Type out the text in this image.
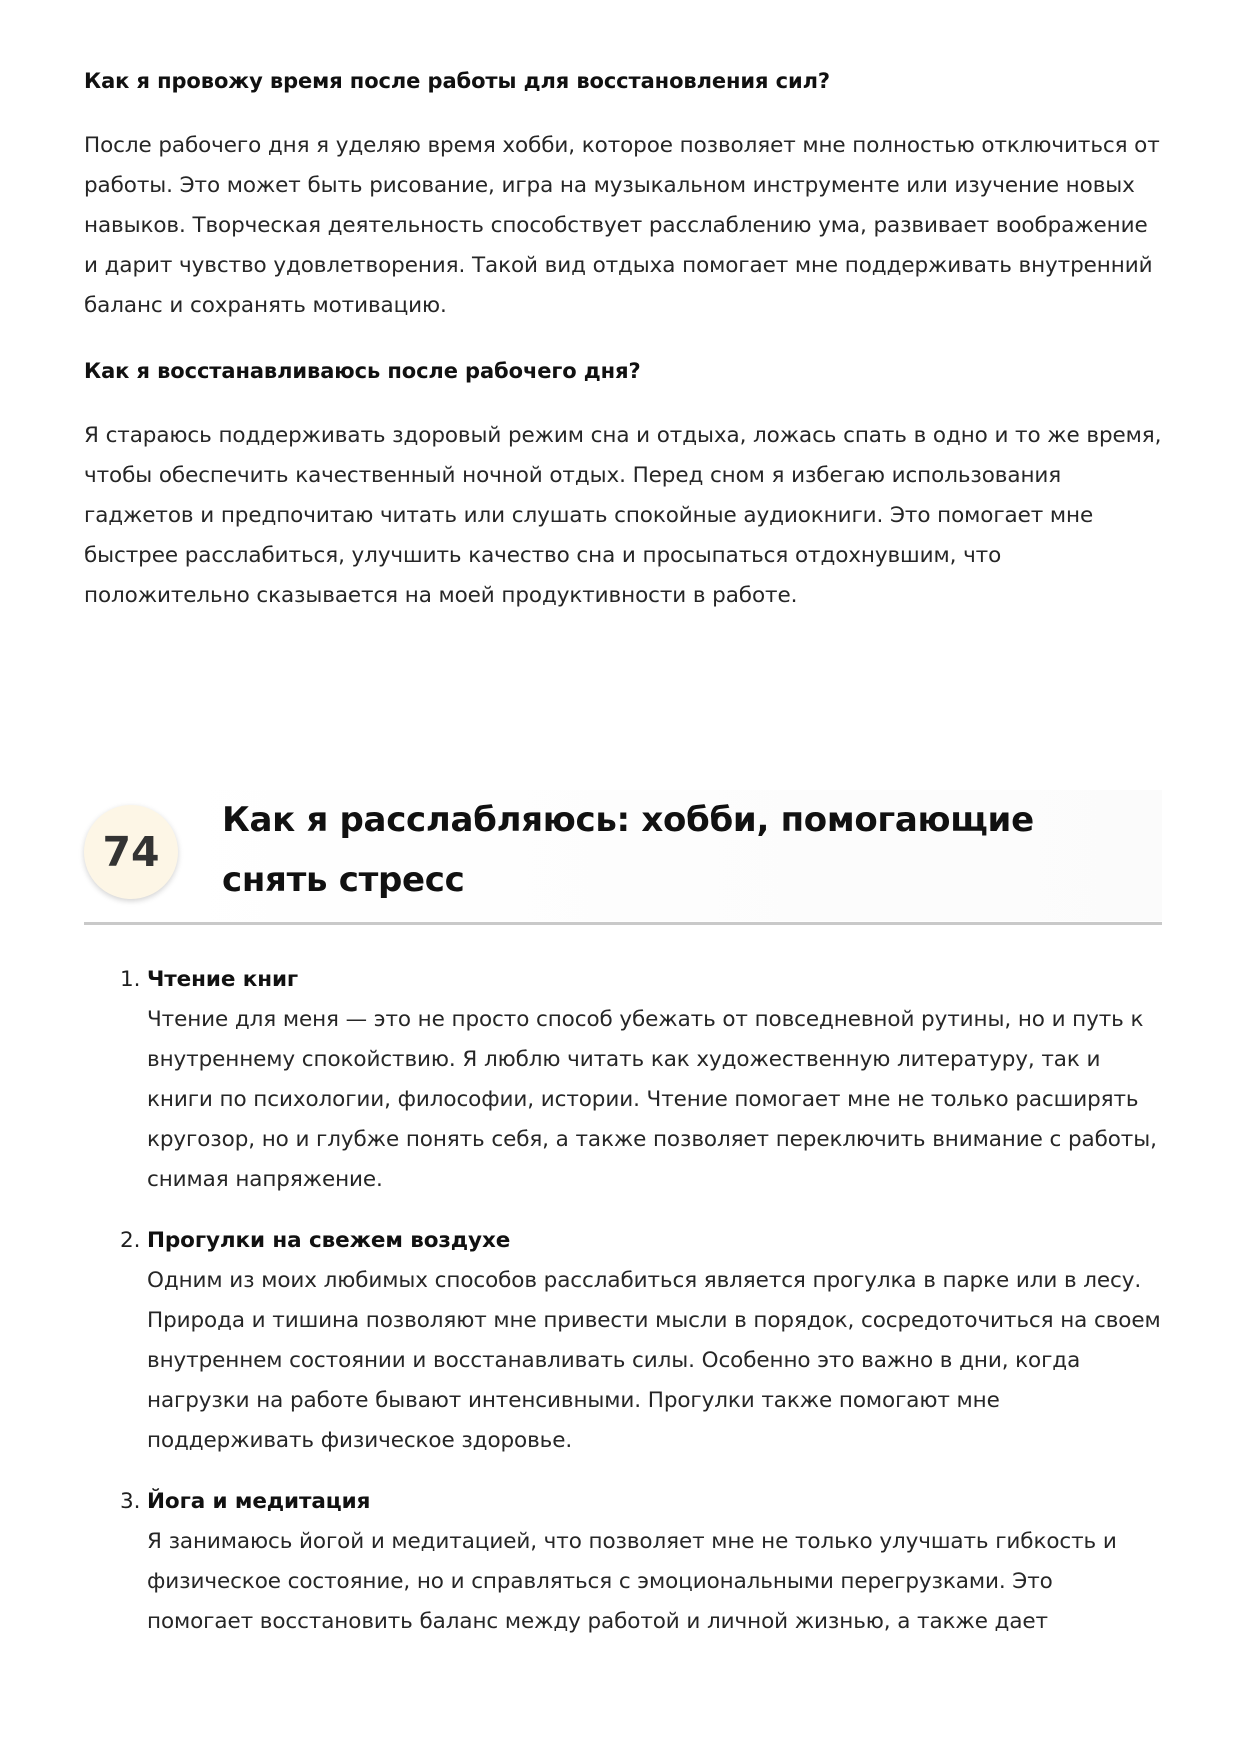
Как я провожу время после работы для восстановления сил?

После рабочего дня я уделяю время хобби, которое позволяет мне полностью отключиться от работы. Это может быть рисование, игра на музыкальном инструменте или изучение новых навыков. Творческая деятельность способствует расслаблению ума, развивает воображение и дарит чувство удовлетворения. Такой вид отдыха помогает мне поддерживать внутренний баланс и сохранять мотивацию.

Как я восстанавливаюсь после рабочего дня?

Я стараюсь поддерживать здоровый режим сна и отдыха, ложась спать в одно и то же время, чтобы обеспечить качественный ночной отдых. Перед сном я избегаю использования гаджетов и предпочитаю читать или слушать спокойные аудиокниги. Это помогает мне быстрее расслабиться, улучшить качество сна и просыпаться отдохнувшим, что положительно сказывается на моей продуктивности в работе.

74
Как я расслабляюсь: хобби, помогающие снять стресс
1. Чтение книг

Чтение для меня — это не просто способ убежать от повседневной рутины, но и путь к внутреннему спокойствию. Я люблю читать как художественную литературу, так и книги по психологии, философии, истории. Чтение помогает мне не только расширять кругозор, но и глубже понять себя, а также позволяет переключить внимание с работы, снимая напряжение.

2. Прогулки на свежем воздухе

Одним из моих любимых способов расслабиться является прогулка в парке или в лесу. Природа и тишина позволяют мне привести мысли в порядок, сосредоточиться на своем внутреннем состоянии и восстанавливать силы. Особенно это важно в дни, когда нагрузки на работе бывают интенсивными. Прогулки также помогают мне поддерживать физическое здоровье.

3. Йога и медитация

Я занимаюсь йогой и медитацией, что позволяет мне не только улучшать гибкость и физическое состояние, но и справляться с эмоциональными перегрузками. Это помогает восстановить баланс между работой и личной жизнью, а также дает
